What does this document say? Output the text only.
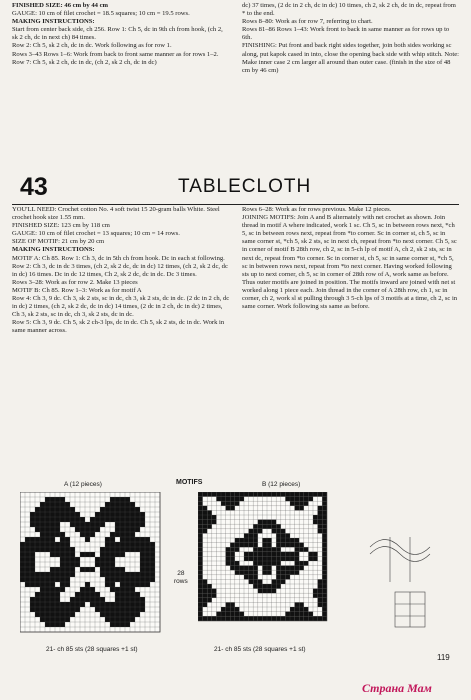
FINISHED SIZE: 46 cm by 44 cm

GAUGE: 10 cm of filet crochet = 18.5 squares; 10 cm = 19.5 rows.

MAKING INSTRUCTIONS:

Start from center back side, ch 256. Row 1: Ch 5, dc in 9th ch from hook, (ch 2, sk 2 ch, dc in next ch) 84 times.

Row 2: Ch 5, sk 2 ch, dc in dc. Work following as for row 1.

Rows 3–43 Rows 1–6: Work from back to front same manner as for rows 1–2.

Row 7: Ch 5, sk 2 ch, dc in dc, (ch 2, sk 2 ch, dc in dc)

dc) 37 times, (2 dc in 2 ch, dc in dc) 10 times, ch 2, sk 2 ch, dc in dc, repeat from * to the end.

Rows 8–80: Work as for row 7, referring to chart.

Rows 81–86 Rows 1–43: Work front to back in same manner as for rows up to 6th.

FINISHING: Put front and back right sides together, join both sides working sc along, put kapok cased in into, close the opening back side with whip stitch. Note: Make inner case 2 cm larger all around than outer case. (finish in the size of 48 cm by 46 cm)

43	TABLECLOTH

YOU'LL NEED: Crochet cotton No. 4 soft twist 15 20-gram balls White. Steel crochet hook size 1.55 mm.

FINISHED SIZE: 123 cm by 118 cm

GAUGE: 10 cm of filet crochet = 13 squares; 10 cm = 14 rows.

SIZE OF MOTIF: 21 cm by 20 cm

MAKING INSTRUCTIONS:

MOTIF A: Ch 85. Row 1: Ch 3, dc in 5th ch from hook. Dc in each st following.

Row 2: Ch 3, dc in dc 3 times, (ch 2, sk 2 dc, dc in dc) 12 times, (ch 2, sk 2 dc, dc in dc) 16 times. Dc in dc 12 times, Ch 2, sk 2 dc, dc in dc. Dc 3 times.

Rows 3–28: Work as for row 2. Make 13 pieces

MOTIF B: Ch 85. Row 1–3: Work as for motif A

Row 4: Ch 3, 9 dc. Ch 3, sk 2 sts, sc in dc, ch 3, sk 2 sts, dc in dc. (2 dc in 2 ch, dc in dc) 2 times, (ch 2, sk 2 dc, dc in dc) 14 times, (2 dc in 2 ch, dc in dc) 2 times, Ch 3, sk 2 sts, sc in dc, ch 3, sk 2 sts, dc in dc.

Row 5: Ch 3, 9 dc. Ch 5, sk 2 ch-3 lps, dc in dc. Ch 5, sk 2 sts, dc in dc. Work in same manner across.

Rows 6–28: Work as for rows previous. Make 12 pieces.

JOINING MOTIFS: Join A and B alternately with net crochet as shown. Join thread in motif A where indicated, work 1 sc. Ch 5, sc in between rows next, *ch 5, sc in between rows next, repeat from *to corner. Sc in corner st, ch 5, sc in same corner st, *ch 5, sk 2 sts, sc in next ch, repeat from *to next corner. Ch 5, sc in corner of motif B 28th row, ch 2, sc in 5-ch lp of motif A, ch 2, sk 2 sts, sc in next dc, repeat from *to corner. Sc in corner st, ch 5, sc in same corner st, *ch 5, sc in between rows next, repeat from *to next corner. Having worked following sts up to next corner, ch 5, sc in corner of 28th row of A, work same as before. Thus outer motifs are joined in position. The motifs inward are joined with net st worked along 1 piece each. Join thread in the corner of A 28th row, ch 1, sc in corner, ch 2, work sl st pulling through 3 5-ch lps of 3 motifs at a time, ch 2, sc in same corner. Work following sts same as before.

MOTIFS
A (12 pieces)	B (12 pieces)
28
rows
21- ch 85 sts (28 squares +1 st)	21- ch 85 sts (28 squares +1 st)
119
Страна Мам
